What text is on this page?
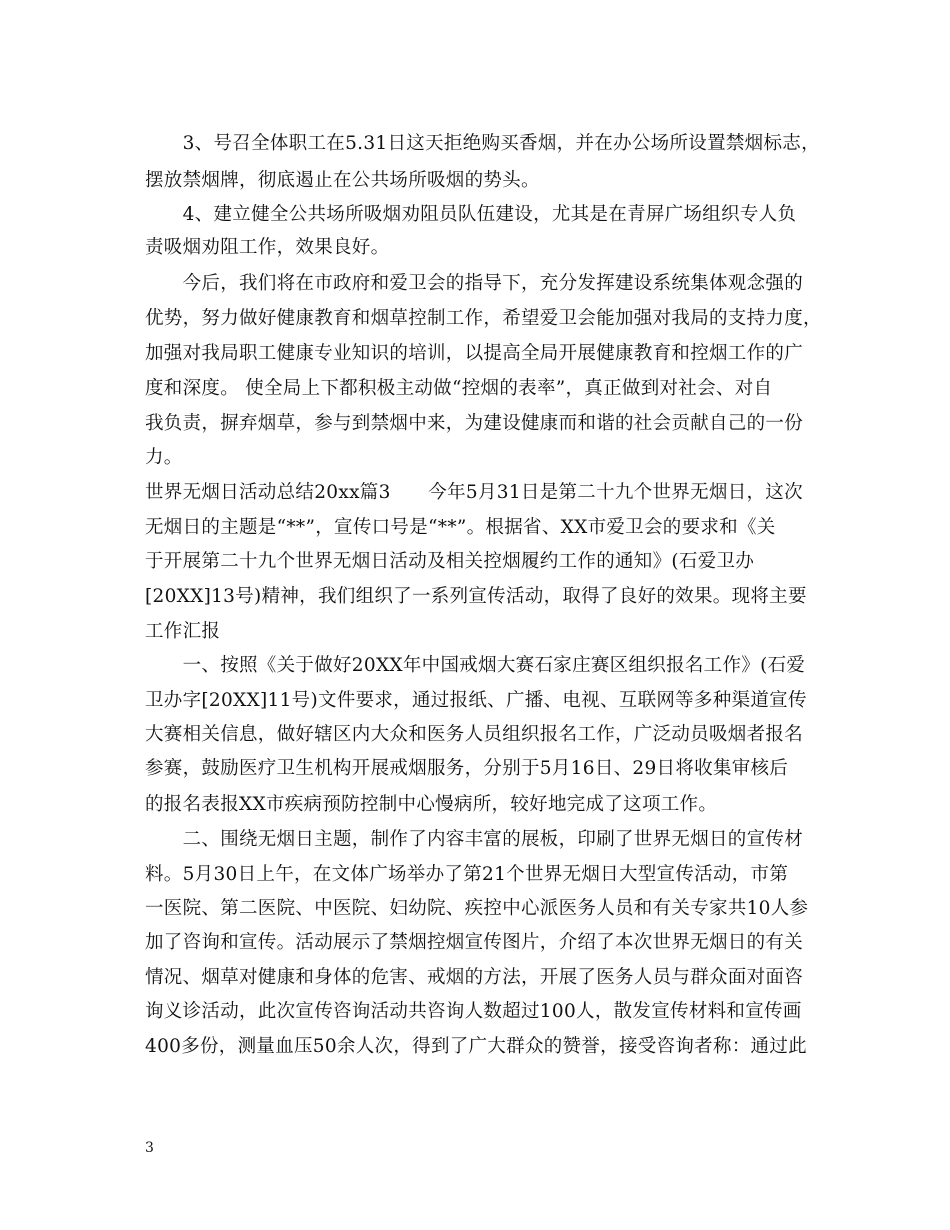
　　3、号召全体职工在5.31日这天拒绝购买香烟，并在办公场所设置禁烟标志，
摆放禁烟牌，彻底遏止在公共场所吸烟的势头。
　　4、建立健全公共场所吸烟劝阻员队伍建设，尤其是在青屏广场组织专人负
责吸烟劝阻工作，效果良好。
　　今后，我们将在市政府和爱卫会的指导下，充分发挥建设系统集体观念强的
优势，努力做好健康教育和烟草控制工作，希望爱卫会能加强对我局的支持力度，
加强对我局职工健康专业知识的培训，以提高全局开展健康教育和控烟工作的广
度和深度。 使全局上下都积极主动做“控烟的表率”，真正做到对社会、对自
我负责，摒弃烟草，参与到禁烟中来，为建设健康而和谐的社会贡献自己的一份
力。
世界无烟日活动总结20xx篇3　　今年5月31日是第二十九个世界无烟日，这次
无烟日的主题是“**”，宣传口号是“**”。根据省、XX市爱卫会的要求和《关
于开展第二十九个世界无烟日活动及相关控烟履约工作的通知》(石爱卫办
[20XX]13号)精神，我们组织了一系列宣传活动，取得了良好的效果。现将主要
工作汇报
　　一、按照《关于做好20XX年中国戒烟大赛石家庄赛区组织报名工作》(石爱
卫办字[20XX]11号)文件要求，通过报纸、广播、电视、互联网等多种渠道宣传
大赛相关信息，做好辖区内大众和医务人员组织报名工作，广泛动员吸烟者报名
参赛，鼓励医疗卫生机构开展戒烟服务，分别于5月16日、29日将收集审核后
的报名表报XX市疾病预防控制中心慢病所，较好地完成了这项工作。
　　二、围绕无烟日主题，制作了内容丰富的展板，印刷了世界无烟日的宣传材
料。5月30日上午，在文体广场举办了第21个世界无烟日大型宣传活动，市第
一医院、第二医院、中医院、妇幼院、疾控中心派医务人员和有关专家共10人参
加了咨询和宣传。活动展示了禁烟控烟宣传图片，介绍了本次世界无烟日的有关
情况、烟草对健康和身体的危害、戒烟的方法，开展了医务人员与群众面对面咨
询义诊活动，此次宣传咨询活动共咨询人数超过100人，散发宣传材料和宣传画
400多份，测量血压50余人次，得到了广大群众的赞誉，接受咨询者称：通过此
3
